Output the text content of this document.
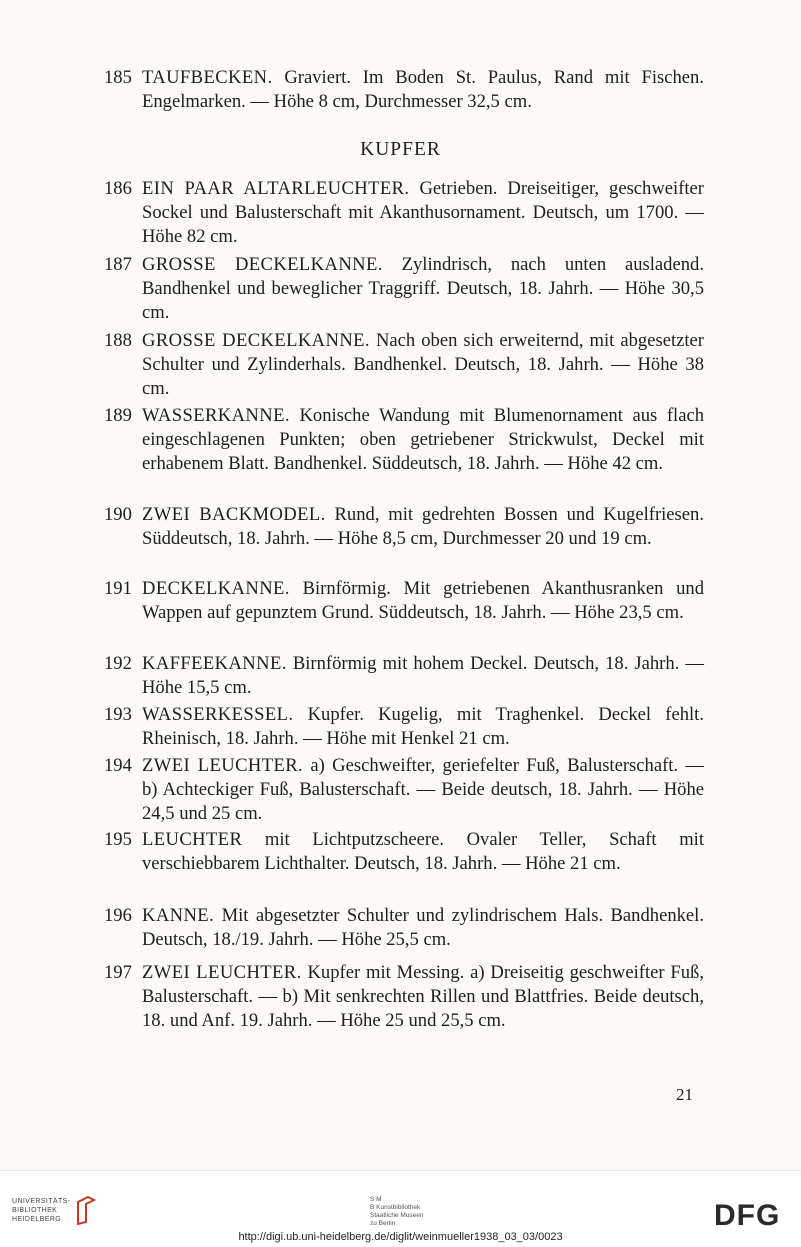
185 TAUFBECKEN. Graviert. Im Boden St. Paulus, Rand mit Fischen. Engelmarken. — Höhe 8 cm, Durchmesser 32,5 cm.
KUPFER
186 EIN PAAR ALTARLEUCHTER. Getrieben. Dreiseitiger, geschweifter Sockel und Balusterschaft mit Akanthusornament. Deutsch, um 1700. — Höhe 82 cm.
187 GROSSE DECKELKANNE. Zylindrisch, nach unten ausladend. Bandhenkel und beweglicher Traggriff. Deutsch, 18. Jahrh. — Höhe 30,5 cm.
188 GROSSE DECKELKANNE. Nach oben sich erweiternd, mit abgesetzter Schulter und Zylinderhals. Bandhenkel. Deutsch, 18. Jahrh. — Höhe 38 cm.
189 WASSERKANNE. Konische Wandung mit Blumenornament aus flach eingeschlagenen Punkten; oben getriebener Strickwulst, Deckel mit erhabenem Blatt. Bandhenkel. Süddeutsch, 18. Jahrh. — Höhe 42 cm.
190 ZWEI BACKMODEL. Rund, mit gedrehten Bossen und Kugelfriesen. Süddeutsch, 18. Jahrh. — Höhe 8,5 cm, Durchmesser 20 und 19 cm.
191 DECKELKANNE. Birnförmig. Mit getriebenen Akanthusranken und Wappen auf gepunztem Grund. Süddeutsch, 18. Jahrh. — Höhe 23,5 cm.
192 KAFFEEKANNE. Birnförmig mit hohem Deckel. Deutsch, 18. Jahrh. — Höhe 15,5 cm.
193 WASSERKESSEL. Kupfer. Kugelig, mit Traghenkel. Deckel fehlt. Rheinisch, 18. Jahrh. — Höhe mit Henkel 21 cm.
194 ZWEI LEUCHTER. a) Geschweifter, geriefelter Fuß, Balusterschaft. — b) Achteckiger Fuß, Balusterschaft. — Beide deutsch, 18. Jahrh. — Höhe 24,5 und 25 cm.
195 LEUCHTER mit Lichtputzscheere. Ovaler Teller, Schaft mit verschiebbarem Lichthalter. Deutsch, 18. Jahrh. — Höhe 21 cm.
196 KANNE. Mit abgesetzter Schulter und zylindrischem Hals. Bandhenkel. Deutsch, 18./19. Jahrh. — Höhe 25,5 cm.
197 ZWEI LEUCHTER. Kupfer mit Messing. a) Dreiseitig geschweifter Fuß, Balusterschaft. — b) Mit senkrechten Rillen und Blattfries. Beide deutsch, 18. und Anf. 19. Jahrh. — Höhe 25 und 25,5 cm.
21
UNIVERSITÄTS-
BIBLIOTHEK
HEIDELBERG
S M
B Kunstbibliothek
Staatliche Museen
zu Berlin	DFG
http://digi.ub.uni-heidelberg.de/diglit/weinmueller1938_03_03/0023
